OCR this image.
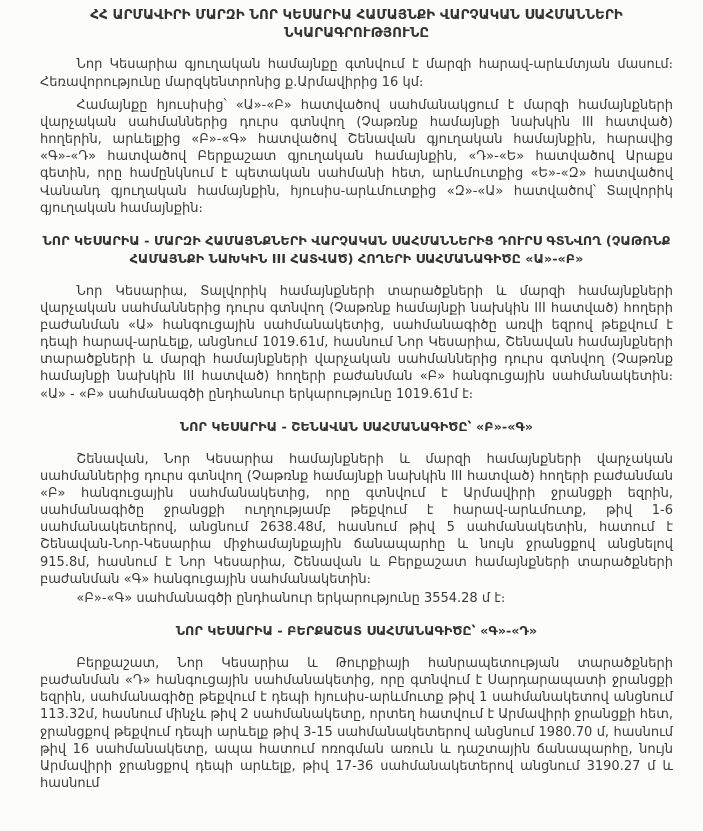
ՀՀ ԱՐՄԱՎԻՐԻ ՄԱՐԶԻ ՆՈՐ ԿԵՍԱՐԻԱ ՀԱՄԱՅՆՔԻ ՎԱՐՉԱԿԱՆ ՍԱՀՄԱՆՆԵՐԻ ՆԿԱՐԱԳՐՈՒԹՅՈՒՆԸ

Նոր Կեսարիա գյուղական համայնքը գտնվում է մարզի հարավ-արևմտյան մասում։ Հեռավորությունը մարզկենտրոնից ք.Արմավիրից 16 կմ։

Համայնքը հյուսիսից՝ «Ա»-«Բ» հատվածով սահմանակցում է մարզի համայնքների վարչական սահմաններից դուրս գտնվող (Չաթռնք համայնքի նախկին III հատված) հողերին, արևելքից «Բ»-«Գ» հատվածով Շենավան գյուղական համայնքին, հարավից «Գ»-«Դ» հատվածով Բերքաշատ գյուղական համայնքին, «Դ»-«Ե» հատվածով Արաքս գետին, որը համընկնում է պետական սահմանի հետ, արևմուտքից «Ե»-«Զ» հատվածով Վանանդ գյուղական համայնքին, հյուսիս-արևմուտքից «Զ»-«Ա» հատվածով՝ Տալվորիկ գյուղական համայնքին։

ՆՈՐ ԿԵՍԱՐԻԱ - ՄԱՐԶԻ ՀԱՄԱՅՆՔՆԵՐԻ ՎԱՐՉԱԿԱՆ ՍԱՀՄԱՆՆԵՐԻՑ ԴՈՒՐՍ ԳՏՆՎՈՂ (ՉԱԹՌՆՔ ՀԱՄԱՅՆՔԻ ՆԱԽԿԻՆ III ՀԱՏՎԱԾ) ՀՈՂԵՐԻ ՍԱՀՄԱՆԱԳԻԾԸ «Ա»-«Բ»

Նոր Կեսարիա, Տալվորիկ համայնքների տարածքների և մարզի համայնքների վարչական սահմաններից դուրս գտնվող (Չաթռնք համայնքի նախկին III հատված) հողերի բաժանման «Ա» հանգուցային սահմանակետից, սահմանագիծը առվի եզրով թեքվում է դեպի հարավ-արևելք, անցնում 1019.61մ, հասնում Նոր Կեսարիա, Շենավան համայնքների տարածքների և մարզի համայնքների վարչական սահմաններից դուրս գտնվող (Չաթռնք համայնքի նախկին III հատված) հողերի բաժանման «Բ» հանգուցային սահմանակետին։ «Ա» - «Բ» սահմանագծի ընդհանուր երկարությունը 1019.61մ է։

ՆՈՐ ԿԵՍԱՐԻԱ - ՇԵՆԱՎԱՆ ՍԱՀՄԱՆԱԳԻԾԸ՝ «Բ»-«Գ»

Շենավան, Նոր Կեսարիա համայնքների և մարզի համայնքների վարչական սահմաններից դուրս գտնվող (Չաթռնք համայնքի նախկին III հատված) հողերի բաժանման «Բ» հանգուցային սահմանակետից, որը գտնվում է Արմավիրի ջրանցքի եզրին, սահմանագիծը ջրանցքի ուղղությամբ թեքվում է հարավ-արևմուտք, թիվ 1-6 սահմանակետերով, անցնում 2638.48մ, հասնում թիվ 5 սահմանակետին, հատում է Շենավան-Նոր-Կեսարիա միջհամայնքային ճանապարհը և նույն ջրանցքով անցնելով 915.8մ, հասնում է Նոր Կեսարիա, Շենավան և Բերքաշատ համայնքների տարածքների բաժանման «Գ» հանգուցային սահմանակետին։

«Բ»-«Գ» սահմանագծի ընդհանուր երկարությունը 3554.28 մ է։

ՆՈՐ ԿԵՍԱՐԻԱ - ԲԵՐՔԱՇԱՏ ՍԱՀՄԱՆԱԳԻԾԸ՝ «Գ»-«Դ»

Բերքաշատ, Նոր Կեսարիա և Թուրքիայի հանրապետության տարածքների բաժանման «Դ» հանգուցային սահմանակետից, որը գտնվում է Սարդարապատի ջրանցքի եզրին, սահմանագիծը թեքվում է դեպի հյուսիս-արևմուտք թիվ 1 սահմանակետով անցնում 113.32մ, հասնում մինչև թիվ 2 սահմանակետը, որտեղ հատվում է Արմավիրի ջրանցքի հետ, ջրանցքով թեքվում դեպի արևելք թիվ 3-15 սահմանակետերով անցնում 1980.70 մ, հասնում թիվ 16 սահմանակետը, ապա հատում ոռոգման առուն և դաշտային ճանապարհը, նույն Արմավիրի ջրանցքով դեպի արևելք, թիվ 17-36 սահմանակետերով անցնում 3190.27 մ և հասնում
